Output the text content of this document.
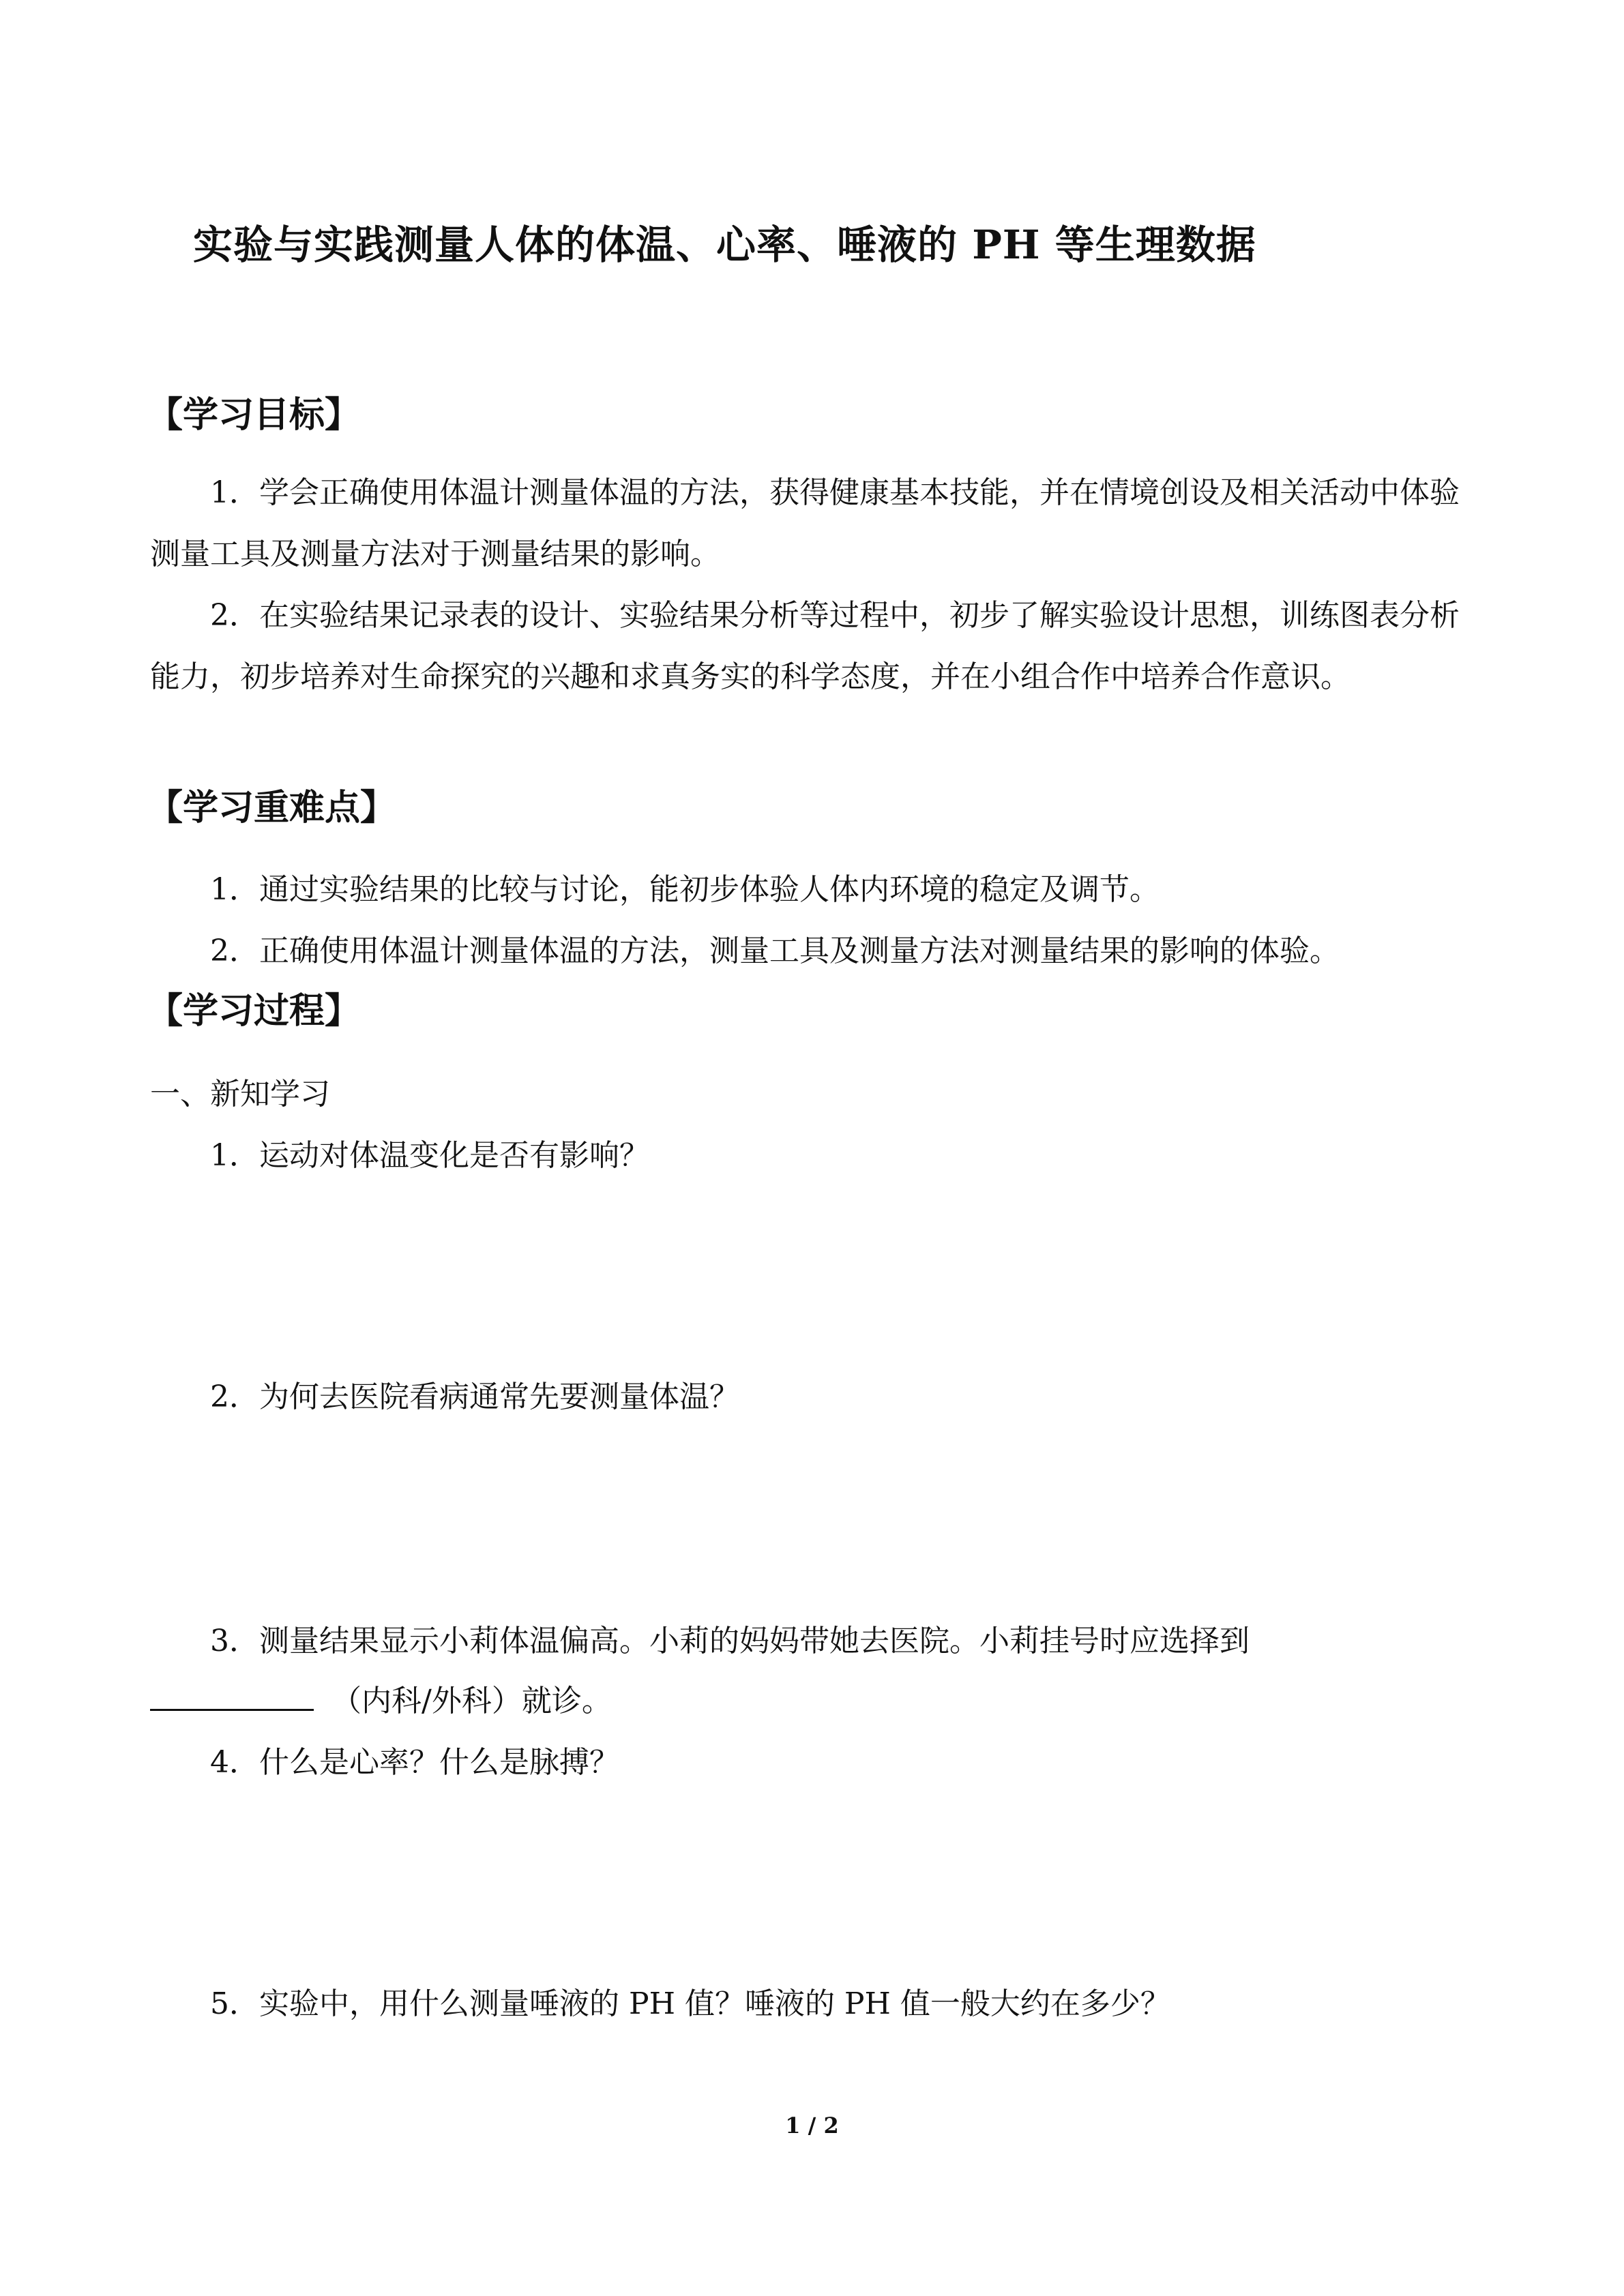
实验与实践测量人体的体温、心率、唾液的 PH 等生理数据
【学习目标】
1．学会正确使用体温计测量体温的方法，获得健康基本技能，并在情境创设及相关活动中体验测量工具及测量方法对于测量结果的影响。
2．在实验结果记录表的设计、实验结果分析等过程中，初步了解实验设计思想，训练图表分析能力，初步培养对生命探究的兴趣和求真务实的科学态度，并在小组合作中培养合作意识。
【学习重难点】
1．通过实验结果的比较与讨论，能初步体验人体内环境的稳定及调节。
2．正确使用体温计测量体温的方法，测量工具及测量方法对测量结果的影响的体验。
【学习过程】
一、新知学习
1．运动对体温变化是否有影响？
2．为何去医院看病通常先要测量体温？
3．测量结果显示小莉体温偏高。小莉的妈妈带她去医院。小莉挂号时应选择到
（内科/外科）就诊。
4．什么是心率？什么是脉搏？
5．实验中，用什么测量唾液的 PH 值？唾液的 PH 值一般大约在多少？
1 / 2
